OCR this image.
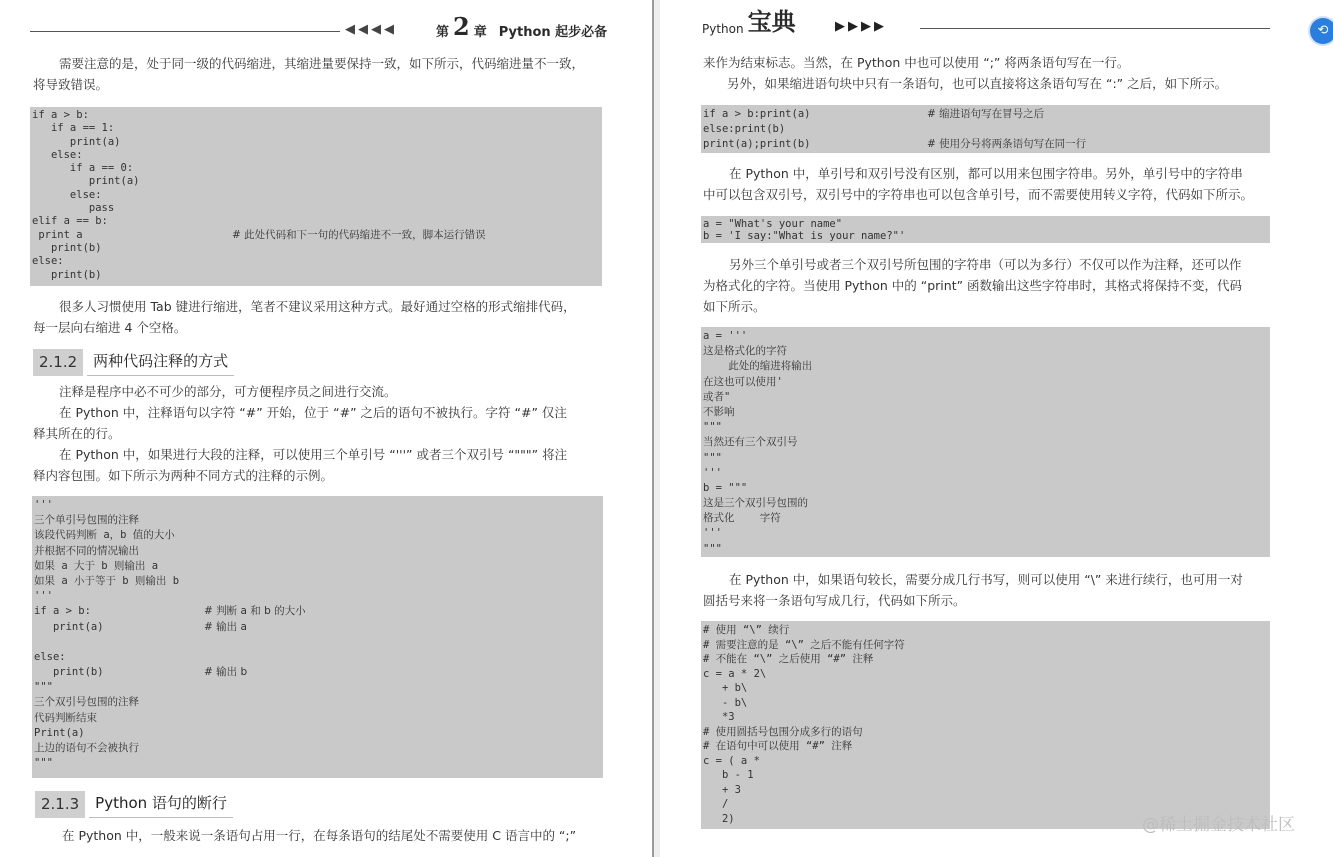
◀◀◀◀	第 2 章 Python 起步必备
需要注意的是，处于同一级的代码缩进，其缩进量要保持一致，如下所示，代码缩进量不一致，
将导致错误。
if a > b:
if a == 1:
print(a)
else:
if a == 0:
print(a)
else:
pass
elif a == b:
print a	# 此处代码和下一句的代码缩进不一致，脚本运行错误
print(b)
else:
print(b)
很多人习惯使用 Tab 键进行缩进，笔者不建议采用这种方式。最好通过空格的形式缩排代码，
每一层向右缩进 4 个空格。
2.1.2	两种代码注释的方式
注释是程序中必不可少的部分，可方便程序员之间进行交流。
在 Python 中，注释语句以字符 “#” 开始，位于 “#” 之后的语句不被执行。字符 “#” 仅注
释其所在的行。
在 Python 中，如果进行大段的注释，可以使用三个单引号 “'''” 或者三个双引号 “"""” 将注
释内容包围。如下所示为两种不同方式的注释的示例。
'''
三个单引号包围的注释
该段代码判断 a，b 值的大小
并根据不同的情况输出
如果 a 大于 b 则输出 a
如果 a 小于等于 b 则输出 b
'''
if a > b:	# 判断 a 和 b 的大小
print(a)	# 输出 a
else:
print(b)	# 输出 b
"""
三个双引号包围的注释
代码判断结束
Print(a)
上边的语句不会被执行
"""
2.1.3	Python 语句的断行
在 Python 中，一般来说一条语句占用一行，在每条语句的结尾处不需要使用 C 语言中的 “;”
Python 宝典	▶▶▶▶
来作为结束标志。当然，在 Python 中也可以使用 “;” 将两条语句写在一行。
另外，如果缩进语句块中只有一条语句，也可以直接将这条语句写在 “:” 之后，如下所示。
if a > b:print(a)	# 缩进语句写在冒号之后
else:print(b)
print(a);print(b)	# 使用分号将两条语句写在同一行
在 Python 中，单引号和双引号没有区别，都可以用来包围字符串。另外，单引号中的字符串
中可以包含双引号，双引号中的字符串也可以包含单引号，而不需要使用转义字符，代码如下所示。
a = "What's your name"
b = 'I say:"What is your name?"'
另外三个单引号或者三个双引号所包围的字符串（可以为多行）不仅可以作为注释，还可以作
为格式化的字符。当使用 Python 中的 “print” 函数输出这些字符串时，其格式将保持不变，代码
如下所示。
a = '''
这是格式化的字符
此处的缩进将输出
在这也可以使用'
或者"
不影响
"""
当然还有三个双引号
"""
'''
b = """
这是三个双引号包围的
格式化    字符
'''
"""
在 Python 中，如果语句较长，需要分成几行书写，则可以使用 “\” 来进行续行，也可用一对
圆括号来将一条语句写成几行，代码如下所示。
# 使用 “\” 续行
# 需要注意的是 “\” 之后不能有任何字符
# 不能在 “\” 之后使用 “#” 注释
c = a * 2\
+ b\
- b\
*3
# 使用圆括号包围分成多行的语句
# 在语句中可以使用 “#” 注释
c = ( a *
b - 1
+ 3
/
2)
⟲
@稀土掘金技术社区
